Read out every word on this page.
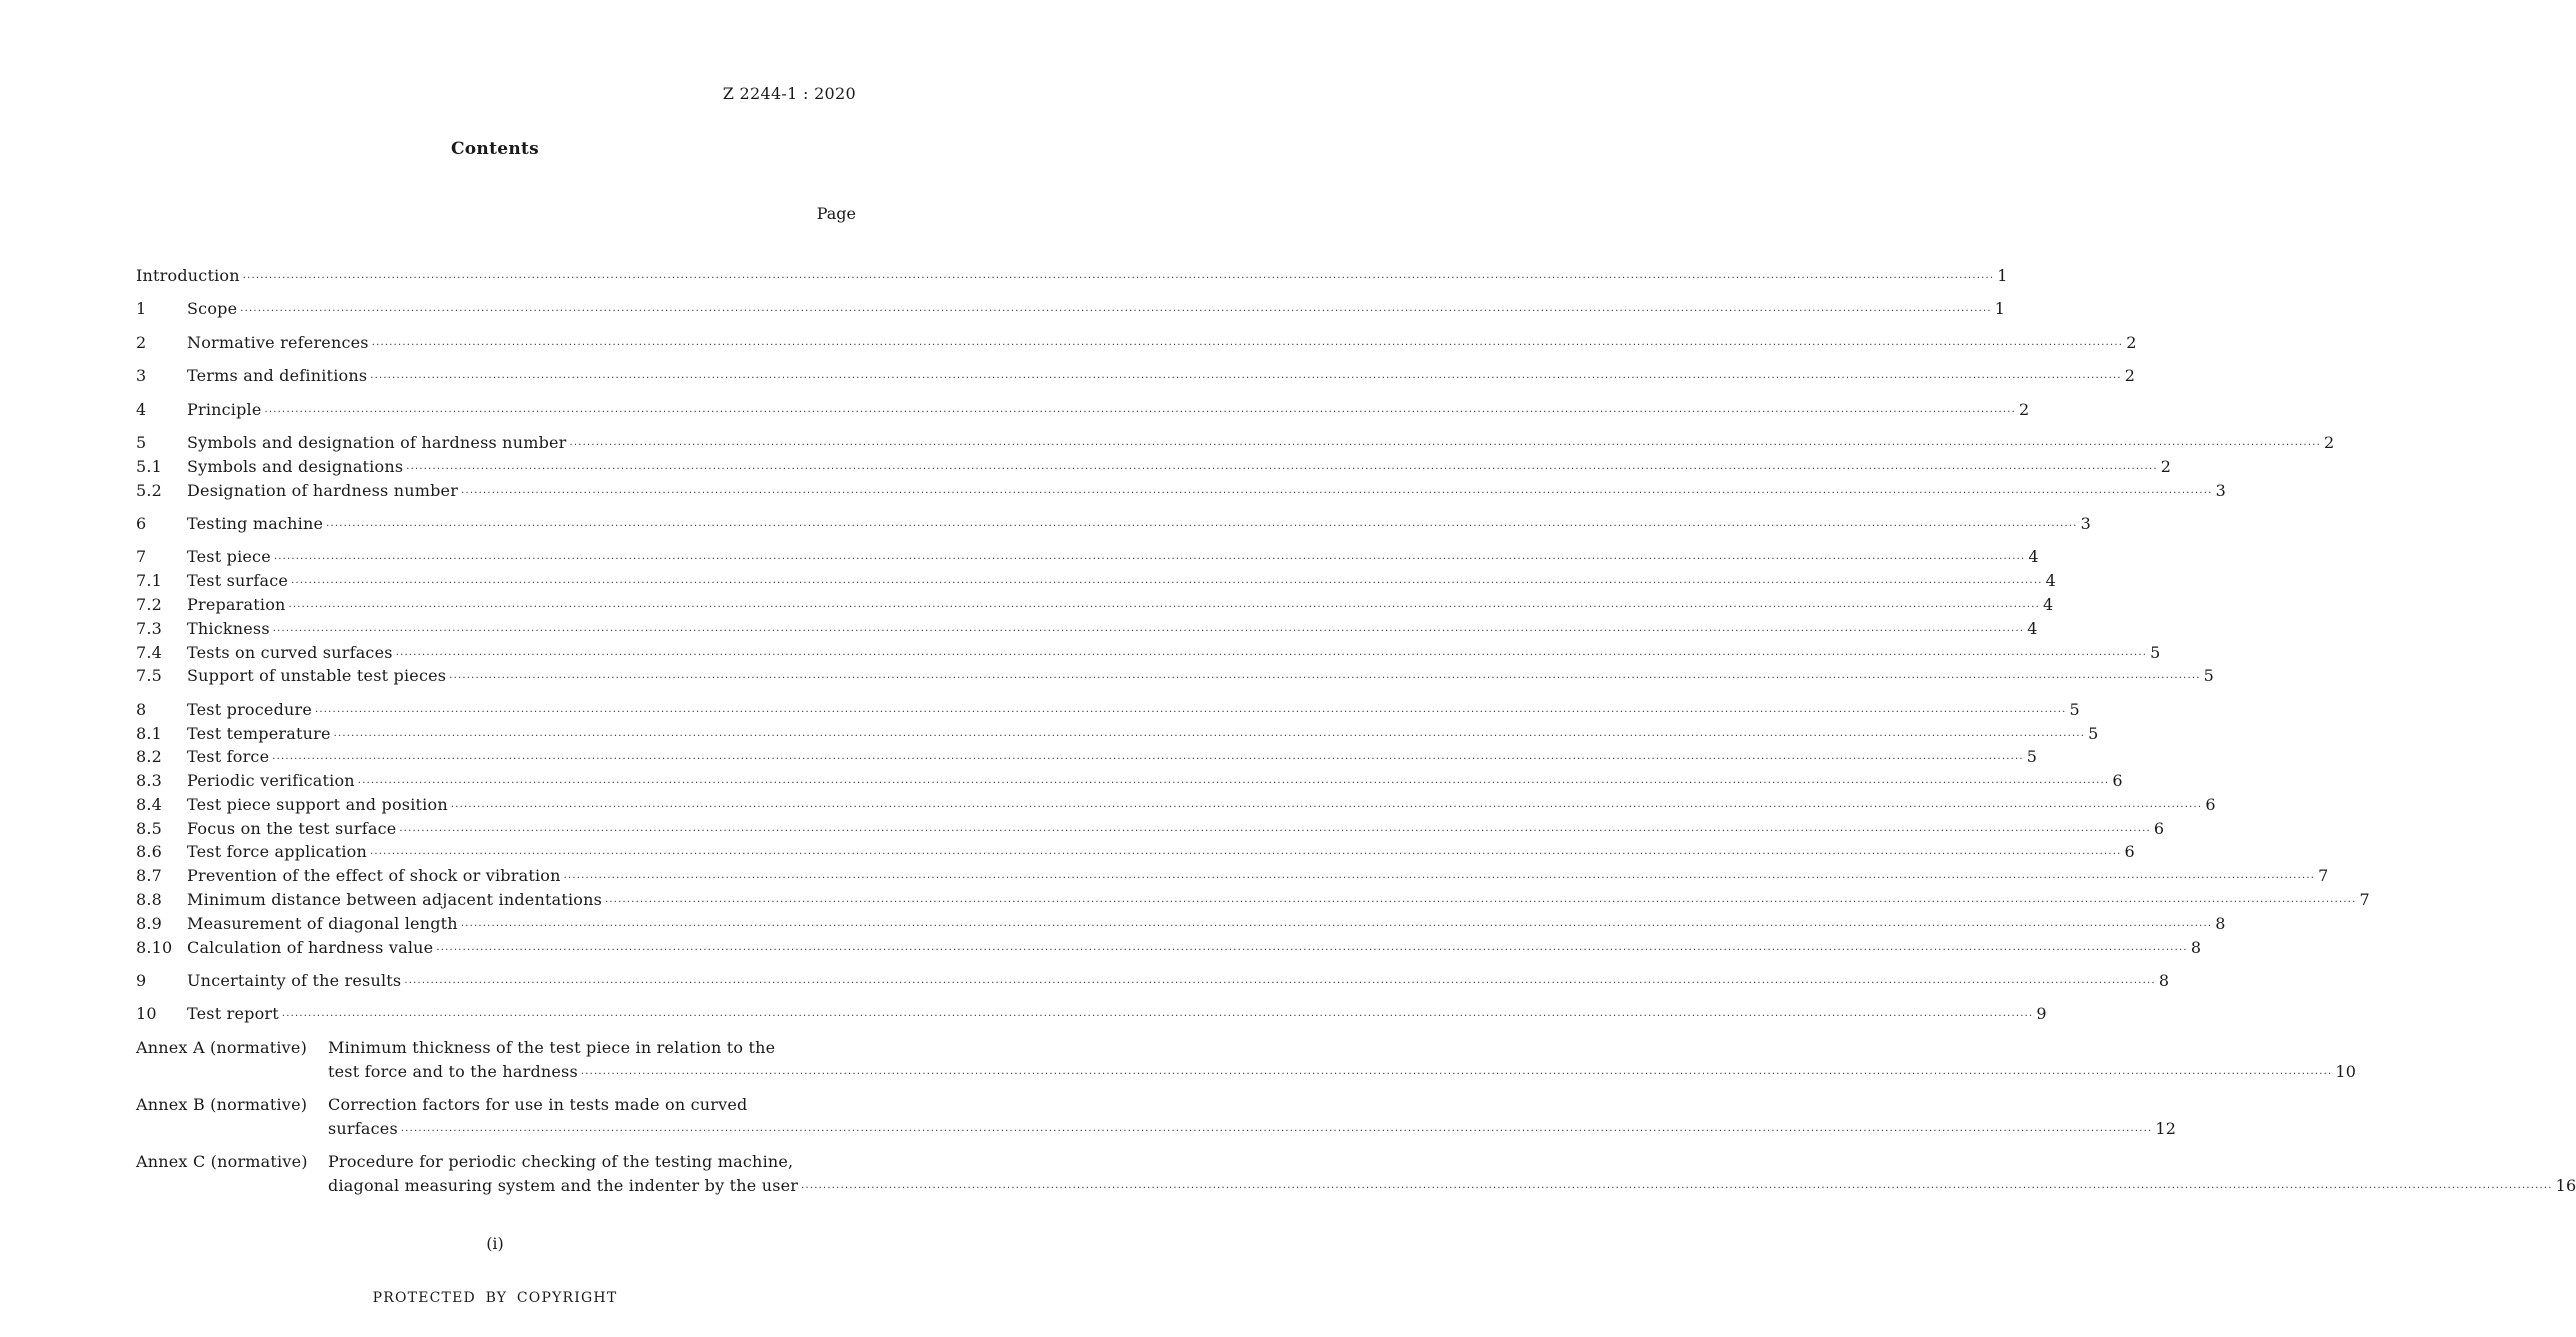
Z 2244-1 : 2020
Contents
Page
Introduction ················································································································································································································································································································································································································ 1
1	Scope ················································································································································································································································································································································································································ 1
2	Normative references ················································································································································································································································································································································································································ 2
3	Terms and definitions ················································································································································································································································································································································································································ 2
4	Principle ················································································································································································································································································································································································································ 2
5	Symbols and designation of hardness number ················································································································································································································································································································································································································ 2
5.1	Symbols and designations ················································································································································································································································································································································································································ 2
5.2	Designation of hardness number ················································································································································································································································································································································································································ 3
6	Testing machine ················································································································································································································································································································································································································ 3
7	Test piece ················································································································································································································································································································································································································ 4
7.1	Test surface ················································································································································································································································································································································································································ 4
7.2	Preparation ················································································································································································································································································································································································································ 4
7.3	Thickness ················································································································································································································································································································································································································ 4
7.4	Tests on curved surfaces ················································································································································································································································································································································································································ 5
7.5	Support of unstable test pieces ················································································································································································································································································································································································································ 5
8	Test procedure ················································································································································································································································································································································································································ 5
8.1	Test temperature ················································································································································································································································································································································································································ 5
8.2	Test force ················································································································································································································································································································································································································ 5
8.3	Periodic verification ················································································································································································································································································································································································································ 6
8.4	Test piece support and position ················································································································································································································································································································································································································ 6
8.5	Focus on the test surface ················································································································································································································································································································································································································ 6
8.6	Test force application ················································································································································································································································································································································································································ 6
8.7	Prevention of the effect of shock or vibration ················································································································································································································································································································································································································ 7
8.8	Minimum distance between adjacent indentations ················································································································································································································································································································································································································ 7
8.9	Measurement of diagonal length ················································································································································································································································································································································································································ 8
8.10 Calculation of hardness value ················································································································································································································································································································································································································ 8
9	Uncertainty of the results ················································································································································································································································································································································································································ 8
10	Test report ················································································································································································································································································································································································································ 9
Annex A (normative)	Minimum thickness of the test piece in relation to the
test force and to the hardness ················································································································································································································································································································································································································ 10
Annex B (normative)	Correction factors for use in tests made on curved
surfaces ················································································································································································································································································································································································································ 12
Annex C (normative)	Procedure for periodic checking of the testing machine,
diagonal measuring system and the indenter by the user ················································································································································································································································································································································································································ 16
(i)
PROTECTED BY COPYRIGHT
